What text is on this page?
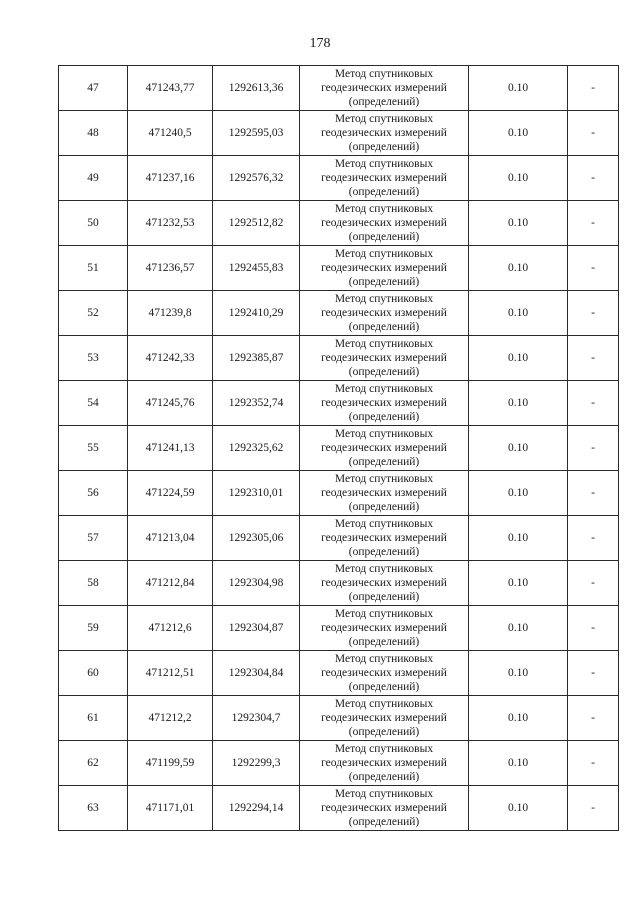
178
47	471243,77	1292613,36	Метод спутниковых
геодезических измерений
(определений)	0.10	-
48	471240,5	1292595,03	Метод спутниковых
геодезических измерений
(определений)	0.10	-
49	471237,16	1292576,32	Метод спутниковых
геодезических измерений
(определений)	0.10	-
50	471232,53	1292512,82	Метод спутниковых
геодезических измерений
(определений)	0.10	-
51	471236,57	1292455,83	Метод спутниковых
геодезических измерений
(определений)	0.10	-
52	471239,8	1292410,29	Метод спутниковых
геодезических измерений
(определений)	0.10	-
53	471242,33	1292385,87	Метод спутниковых
геодезических измерений
(определений)	0.10	-
54	471245,76	1292352,74	Метод спутниковых
геодезических измерений
(определений)	0.10	-
55	471241,13	1292325,62	Метод спутниковых
геодезических измерений
(определений)	0.10	-
56	471224,59	1292310,01	Метод спутниковых
геодезических измерений
(определений)	0.10	-
57	471213,04	1292305,06	Метод спутниковых
геодезических измерений
(определений)	0.10	-
58	471212,84	1292304,98	Метод спутниковых
геодезических измерений
(определений)	0.10	-
59	471212,6	1292304,87	Метод спутниковых
геодезических измерений
(определений)	0.10	-
60	471212,51	1292304,84	Метод спутниковых
геодезических измерений
(определений)	0.10	-
61	471212,2	1292304,7	Метод спутниковых
геодезических измерений
(определений)	0.10	-
62	471199,59	1292299,3	Метод спутниковых
геодезических измерений
(определений)	0.10	-
63	471171,01	1292294,14	Метод спутниковых
геодезических измерений
(определений)	0.10	-
